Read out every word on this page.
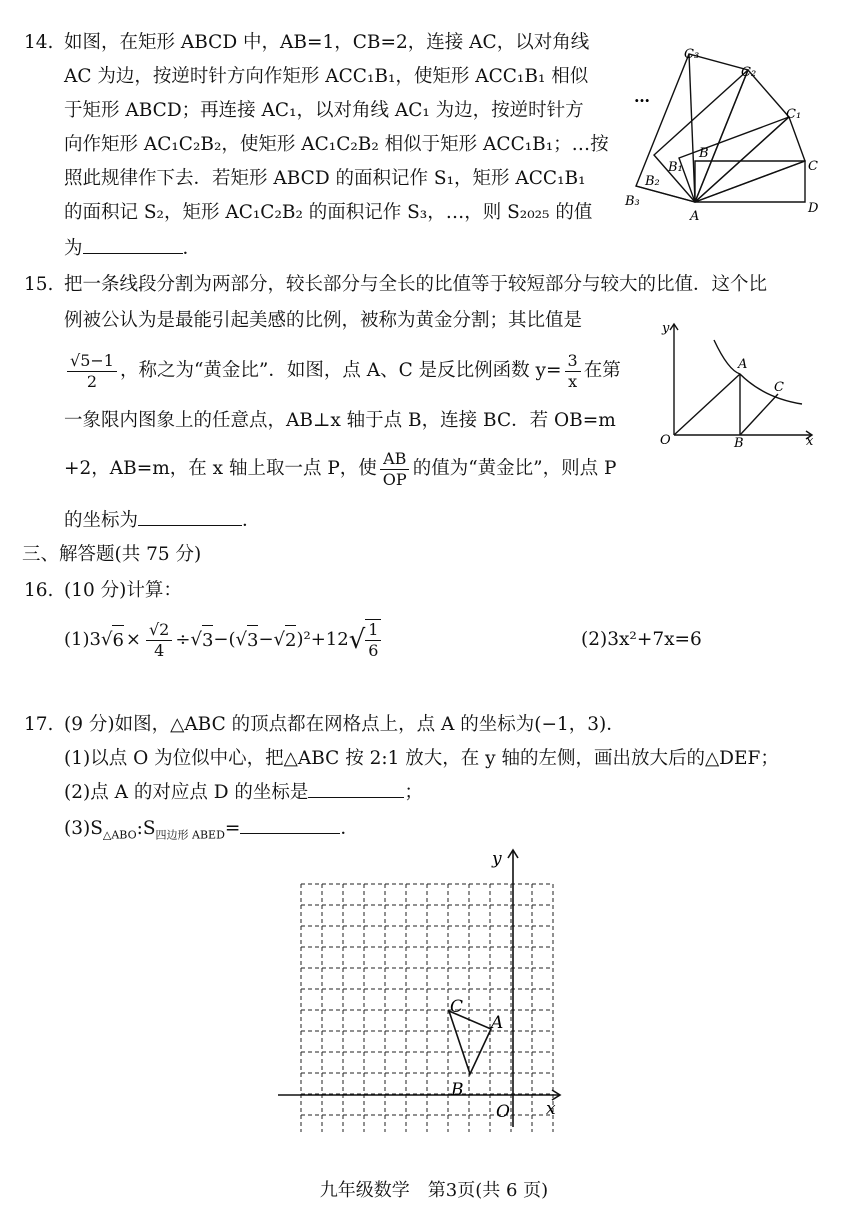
14. 如图，在矩形 ABCD 中，AB=1，CB=2，连接 AC，以对角线
AC 为边，按逆时针方向作矩形 ACC₁B₁，使矩形 ACC₁B₁ 相似
于矩形 ABCD；再连接 AC₁，以对角线 AC₁ 为边，按逆时针方
向作矩形 AC₁C₂B₂，使矩形 AC₁C₂B₂ 相似于矩形 ACC₁B₁；…按
照此规律作下去．若矩形 ABCD 的面积记作 S₁，矩形 ACC₁B₁
的面积记 S₂，矩形 AC₁C₂B₂ 的面积记作 S₃，…，则 S₂₀₂₅ 的值
为	．
C₃
C₂
C₁
C
B
B₁
B₂
B₃
A
D
…
15. 把一条线段分割为两部分，较长部分与全长的比值等于较短部分与较大的比值．这个比
例被公认为是最能引起美感的比例，被称为黄金分割；其比值是
$\frac{√5-1}{2}$ ，称之为“黄金比”．如图，点 A、C 是反比例函数 $y= \frac{3}{x}$ 在第
一象限内图象上的任意点，AB⊥x 轴于点 B，连接 BC．若 OB=m
+2，AB=m，在 x 轴上取一点 P，使 $\frac{AB}{OP}$ 的值为“黄金比”，则点 P
的坐标为	．
y
A
C
O	B	x
三、解答题(共 75 分)
16. (10 分)计算：
(1) 3 √ $6 \times \frac{√2}{4}$ ÷ √ 3 −( √ 3 − √ 2 )²+12 √ $\frac{1}{6}$	(2)3x²+7x=6
17. (9 分)如图，△ABC 的顶点都在网格点上，点 A 的坐标为(−1，3)．
(1)以点 O 为位似中心，把△ABC 按 2:1 放大，在 y 轴的左侧，画出放大后的△DEF；
(2)点 A 的对应点 D 的坐标是	；
$(3)S_{\triangle ABO}:S_{四边形 ABED}=$	．
y
x
O
A
B
C
九年级数学　第3页(共 6 页)
